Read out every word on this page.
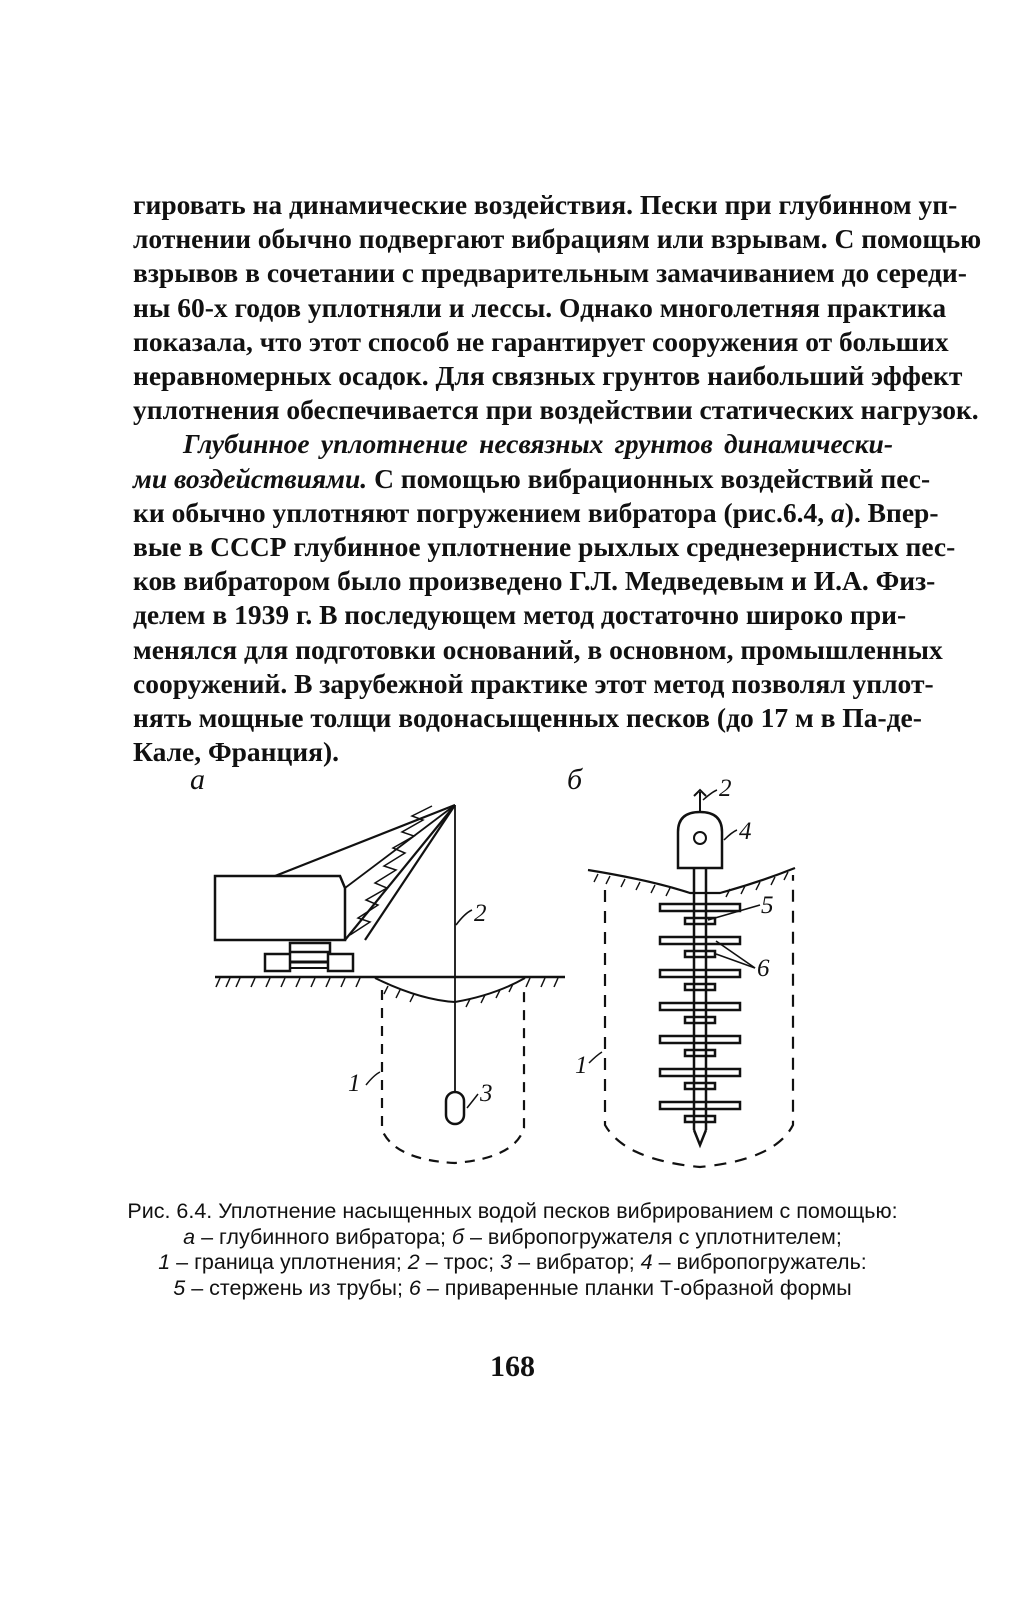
гировать на динамические воздействия. Пески при глубинном уп-
лотнении обычно подвергают вибрациям или взрывам. С помощью
взрывов в сочетании с предварительным замачиванием до середи-
ны 60-х годов уплотняли и лессы. Однако многолетняя практика
показала, что этот способ не гарантирует сооружения от больших
неравномерных осадок. Для связных грунтов наибольший эффект
уплотнения обеспечивается при воздействии статических нагрузок.
Глубинное уплотнение несвязных грунтов динамически-
ми воздействиями. С помощью вибрационных воздействий пес-
ки обычно уплотняют погружением вибратора (рис.6.4, а). Впер-
вые в СССР глубинное уплотнение рыхлых среднезернистых пес-
ков вибратором было произведено Г.Л. Медведевым и И.А. Физ-
делем в 1939 г. В последующем метод достаточно широко при-
менялся для подготовки оснований, в основном, промышленных
сооружений. В зарубежной практике этот метод позволял уплот-
нять мощные толщи водонасыщенных песков (до 17 м в Па-де-
Кале, Франция).
а	б
2
1	3
2
4
5
6
1
Рис. 6.4. Уплотнение насыщенных водой песков вибрированием с помощью:
а – глубинного вибратора; б – вибропогружателя с уплотнителем;
1 – граница уплотнения; 2 – трос; 3 – вибратор; 4 – вибропогружатель:
5 – стержень из трубы; 6 – приваренные планки Т-образной формы
168
